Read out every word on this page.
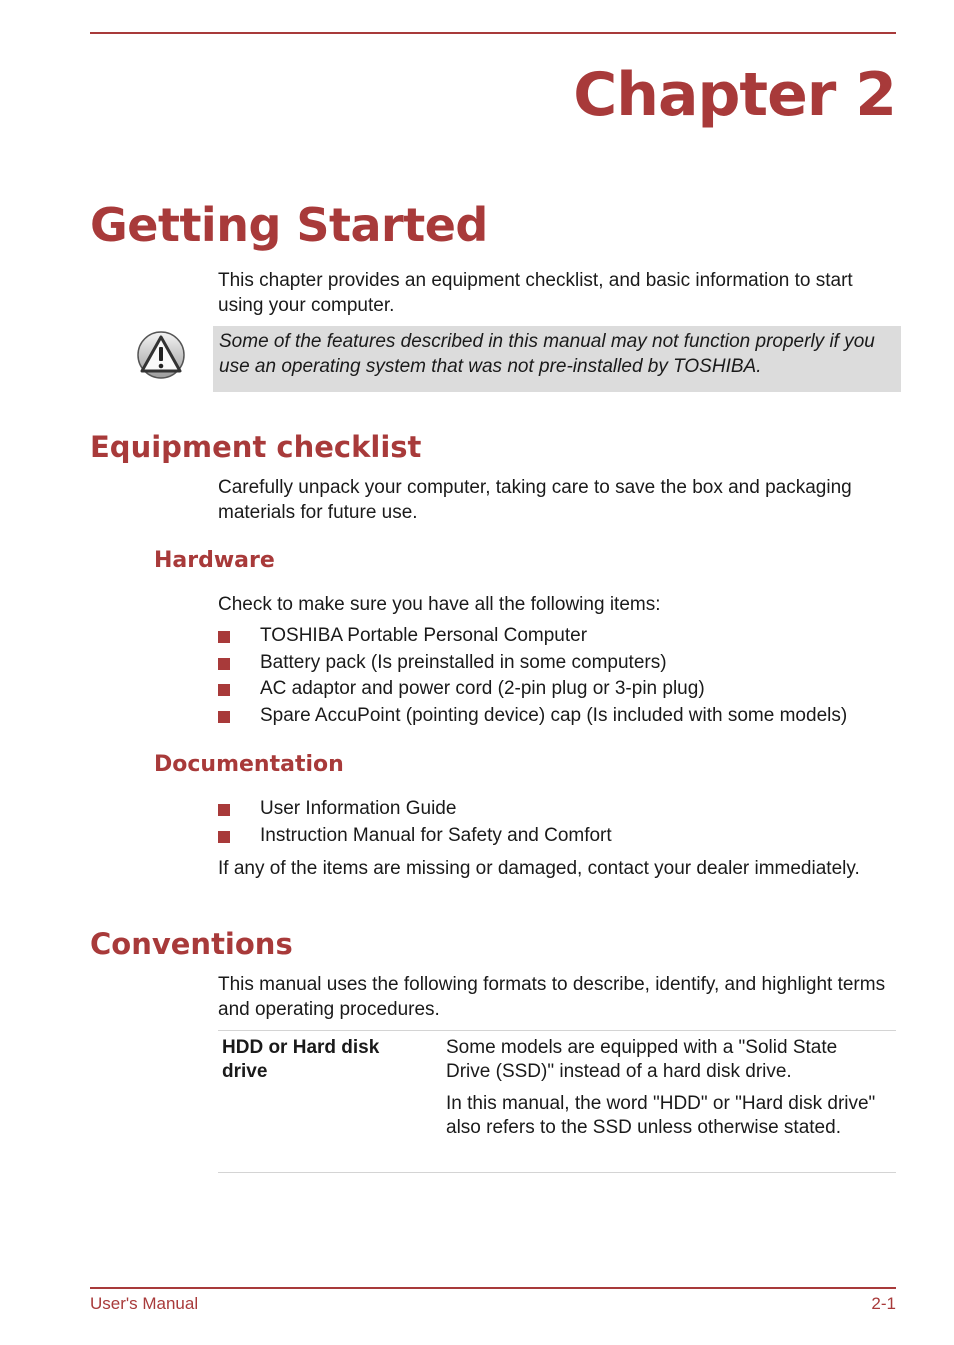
Chapter 2
Getting Started
This chapter provides an equipment checklist, and basic information to start using your computer.
Some of the features described in this manual may not function properly if you use an operating system that was not pre-installed by TOSHIBA.
Equipment checklist
Carefully unpack your computer, taking care to save the box and packaging materials for future use.
Hardware
Check to make sure you have all the following items:
TOSHIBA Portable Personal Computer
Battery pack (Is preinstalled in some computers)
AC adaptor and power cord (2-pin plug or 3-pin plug)
Spare AccuPoint (pointing device) cap (Is included with some models)
Documentation
User Information Guide
Instruction Manual for Safety and Comfort
If any of the items are missing or damaged, contact your dealer immediately.
Conventions
This manual uses the following formats to describe, identify, and highlight terms and operating procedures.
HDD or Hard disk drive
Some models are equipped with a "Solid State Drive (SSD)" instead of a hard disk drive.
In this manual, the word "HDD" or "Hard disk drive" also refers to the SSD unless otherwise stated.
User's Manual	2-1
